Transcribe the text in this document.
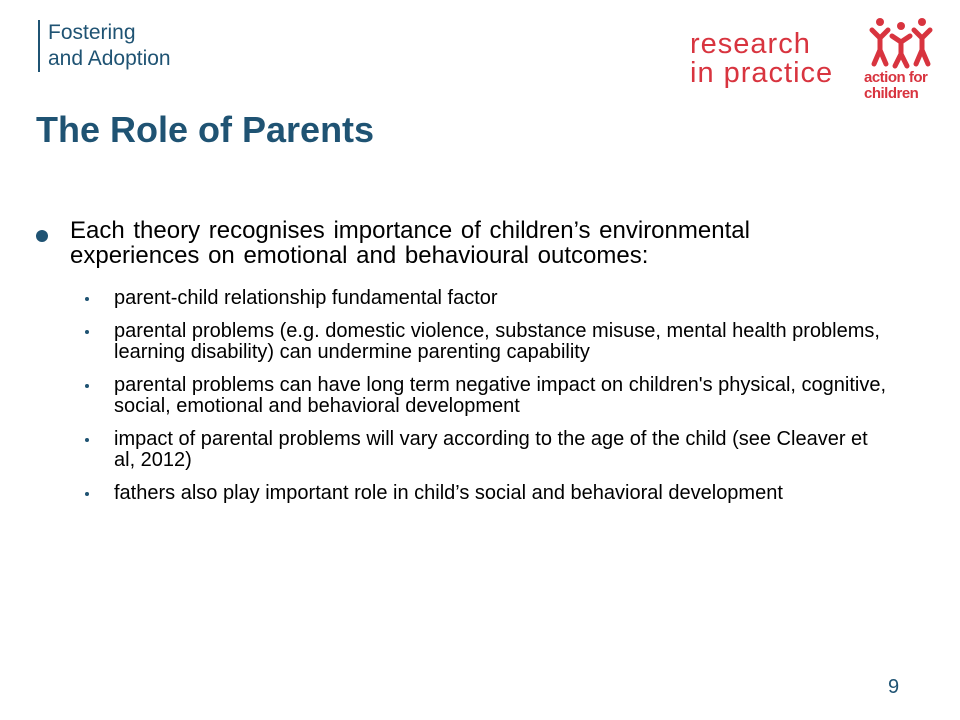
Fostering
and Adoption	research
in practice action for
children
The Role of Parents
Each theory recognises importance of children’s environmental experiences on emotional and behavioural outcomes:
parent-child relationship fundamental factor
parental problems (e.g. domestic violence, substance misuse, mental health problems, learning disability) can undermine parenting capability
parental problems can have long term negative impact on children's physical, cognitive, social, emotional and behavioral development
impact of parental problems will vary according to the age of the child (see Cleaver et al, 2012)
fathers also play important role in child’s social and behavioral development
9
